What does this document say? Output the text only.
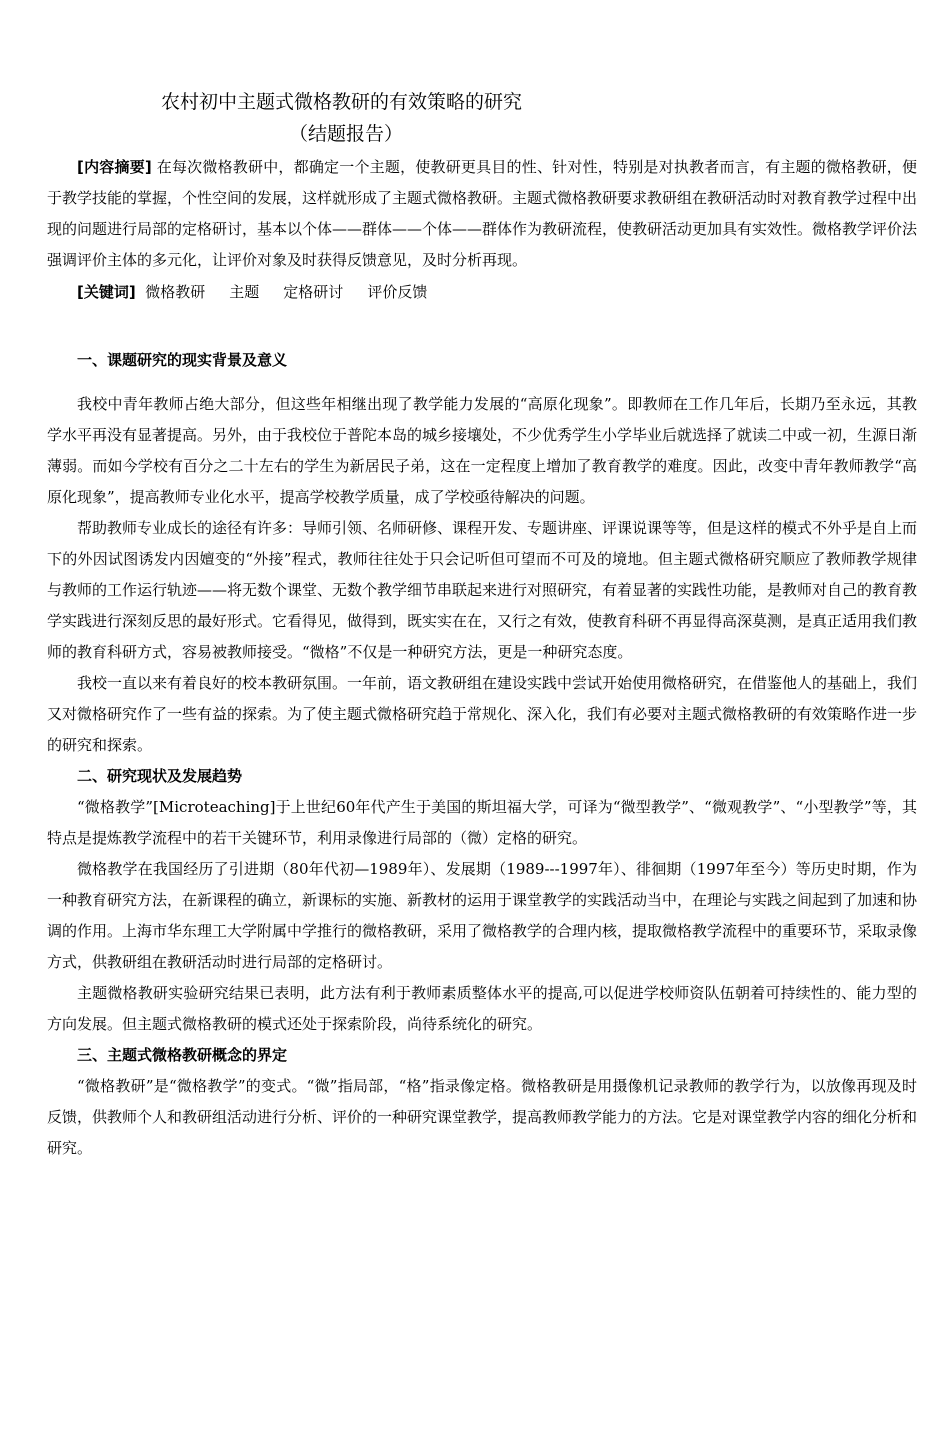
农村初中主题式微格教研的有效策略的研究
（结题报告）

[内容摘要] 在每次微格教研中，都确定一个主题，使教研更具目的性、针对性，特别是对执教者而言，有主题的微格教研，便于教学技能的掌握，个性空间的发展，这样就形成了主题式微格教研。主题式微格教研要求教研组在教研活动时对教育教学过程中出现的问题进行局部的定格研讨，基本以个体——群体——个体——群体作为教研流程，使教研活动更加具有实效性。微格教学评价法强调评价主体的多元化，让评价对象及时获得反馈意见，及时分析再现。

[关键词] 微格教研 主题 定格研讨 评价反馈

一、课题研究的现实背景及意义

我校中青年教师占绝大部分，但这些年相继出现了教学能力发展的“高原化现象”。即教师在工作几年后，长期乃至永远，其教学水平再没有显著提高。另外，由于我校位于普陀本岛的城乡接壤处，不少优秀学生小学毕业后就选择了就读二中或一初，生源日渐薄弱。而如今学校有百分之二十左右的学生为新居民子弟，这在一定程度上增加了教育教学的难度。因此，改变中青年教师教学“高原化现象”，提高教师专业化水平，提高学校教学质量，成了学校亟待解决的问题。

帮助教师专业成长的途径有许多：导师引领、名师研修、课程开发、专题讲座、评课说课等等，但是这样的模式不外乎是自上而下的外因试图诱发内因嬗变的“外接”程式，教师往往处于只会记听但可望而不可及的境地。但主题式微格研究顺应了教师教学规律与教师的工作运行轨迹——将无数个课堂、无数个教学细节串联起来进行对照研究，有着显著的实践性功能，是教师对自己的教育教学实践进行深刻反思的最好形式。它看得见，做得到，既实实在在，又行之有效，使教育科研不再显得高深莫测，是真正适用我们教师的教育科研方式，容易被教师接受。“微格”不仅是一种研究方法，更是一种研究态度。

我校一直以来有着良好的校本教研氛围。一年前，语文教研组在建设实践中尝试开始使用微格研究，在借鉴他人的基础上，我们又对微格研究作了一些有益的探索。为了使主题式微格研究趋于常规化、深入化，我们有必要对主题式微格教研的有效策略作进一步的研究和探索。

二、研究现状及发展趋势

“微格教学”[Microteaching]于上世纪60年代产生于美国的斯坦福大学，可译为“微型教学”、“微观教学”、“小型教学”等，其特点是提炼教学流程中的若干关键环节，利用录像进行局部的（微）定格的研究。

微格教学在我国经历了引进期（80年代初—1989年）、发展期（1989---1997年）、徘徊期（1997年至今）等历史时期，作为一种教育研究方法，在新课程的确立，新课标的实施、新教材的运用于课堂教学的实践活动当中，在理论与实践之间起到了加速和协调的作用。上海市华东理工大学附属中学推行的微格教研，采用了微格教学的合理内核，提取微格教学流程中的重要环节，采取录像方式，供教研组在教研活动时进行局部的定格研讨。

主题微格教研实验研究结果已表明，此方法有利于教师素质整体水平的提高,可以促进学校师资队伍朝着可持续性的、能力型的方向发展。但主题式微格教研的模式还处于探索阶段，尚待系统化的研究。

三、主题式微格教研概念的界定

“微格教研”是“微格教学”的变式。“微”指局部，“格”指录像定格。微格教研是用摄像机记录教师的教学行为，以放像再现及时反馈，供教师个人和教研组活动进行分析、评价的一种研究课堂教学，提高教师教学能力的方法。它是对课堂教学内容的细化分析和研究。
